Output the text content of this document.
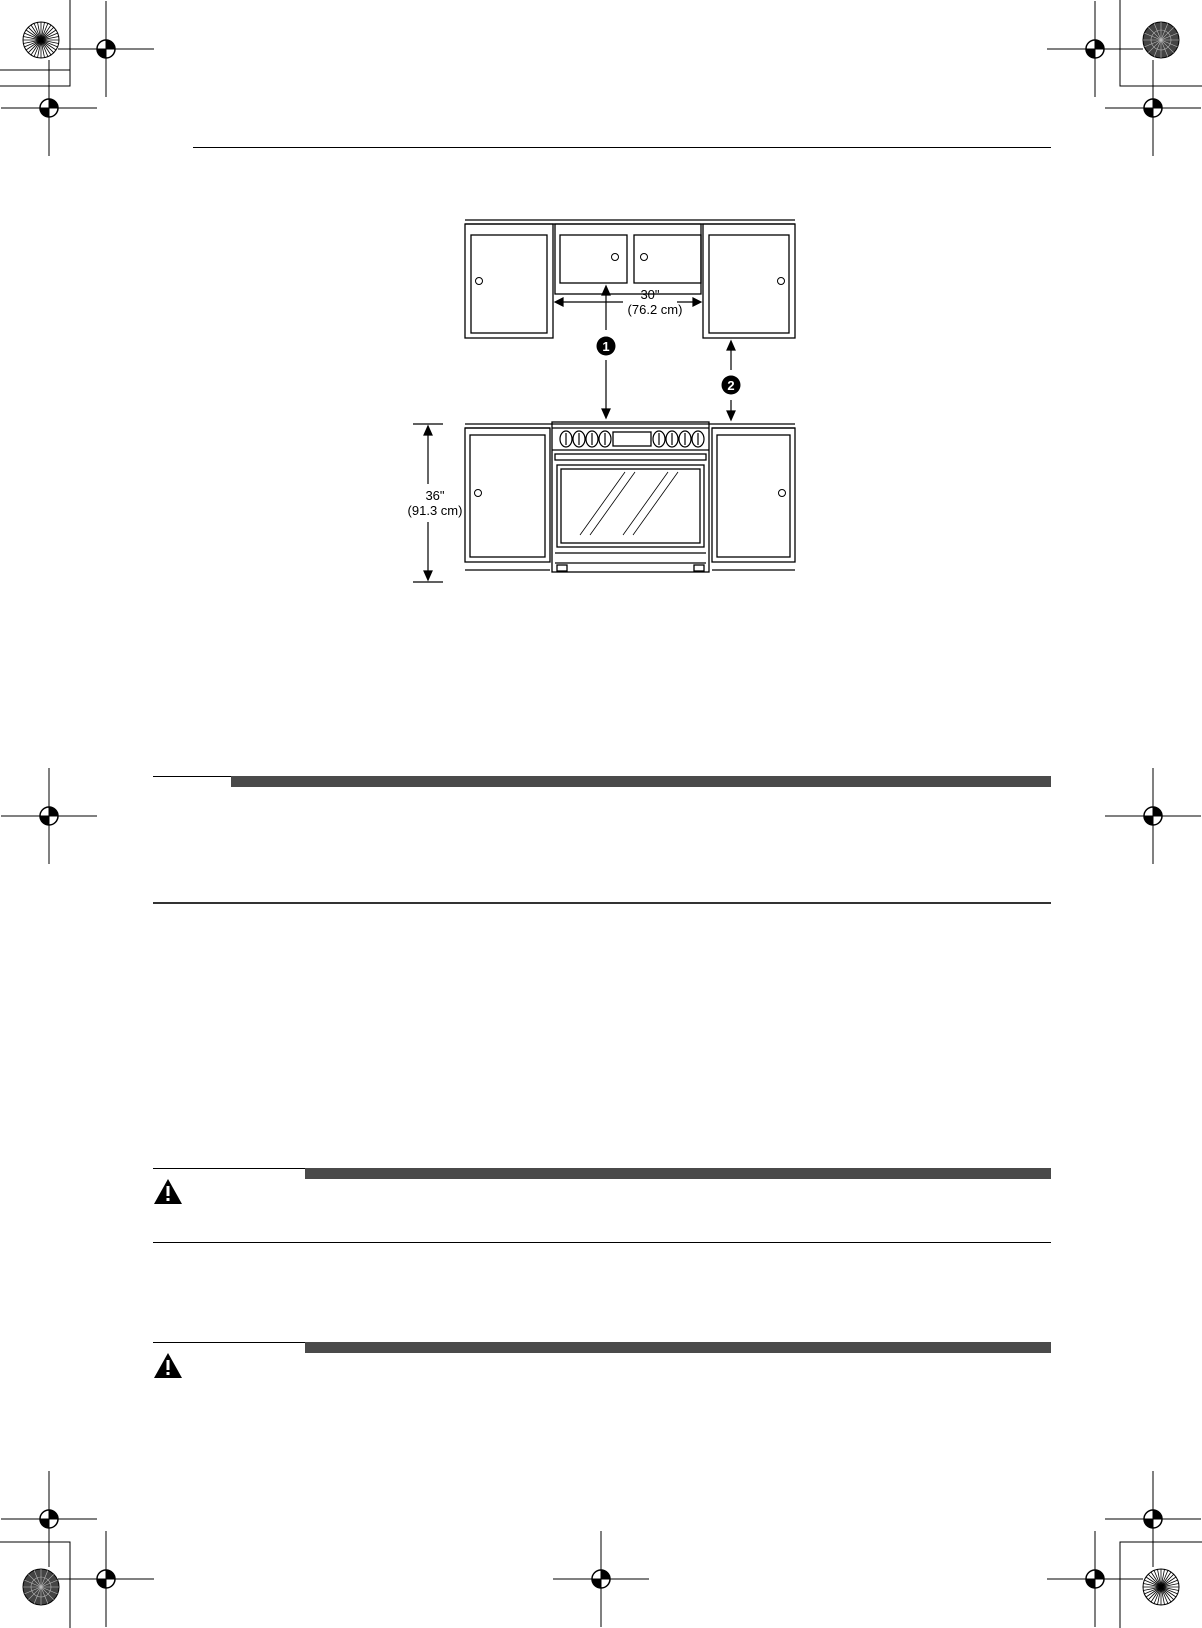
1
2
30"
(76.2 cm)
36"
(91.3 cm)
